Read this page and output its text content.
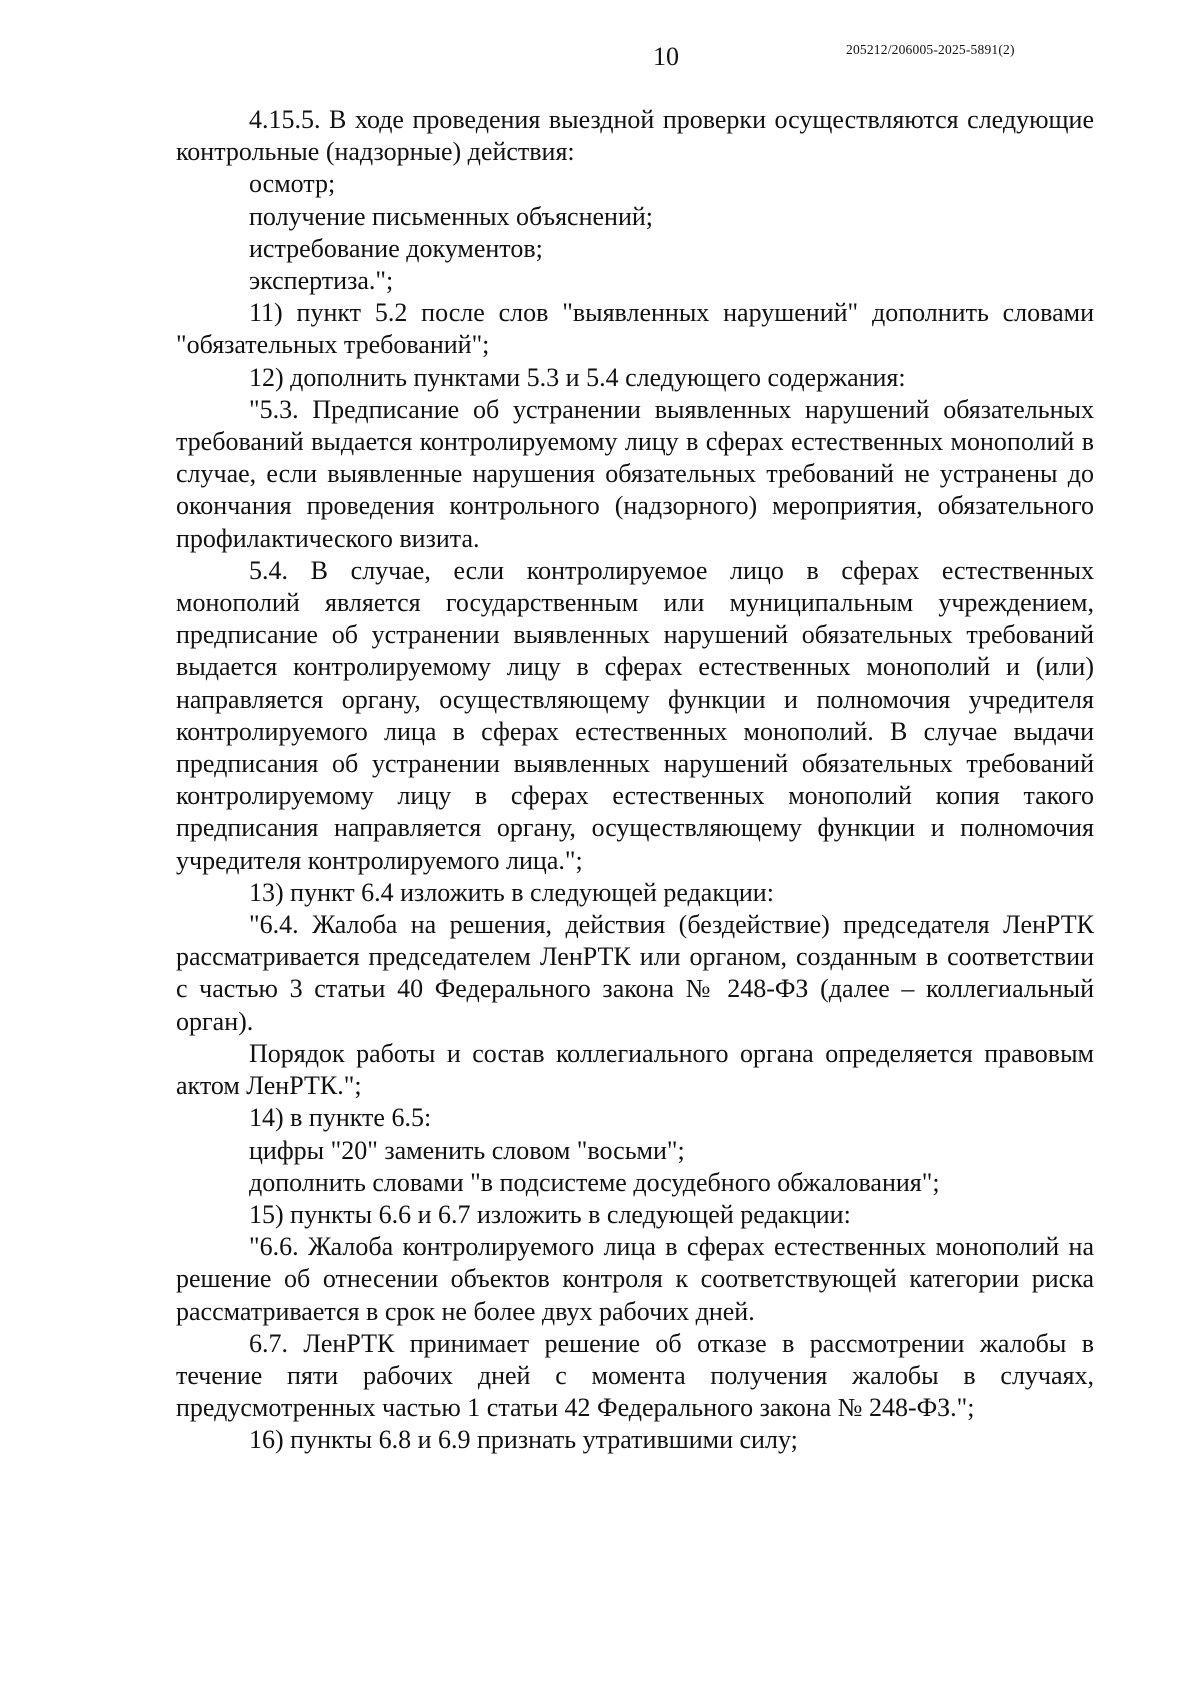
10	205212/206005-2025-5891(2)

4.15.5. В ходе проведения выездной проверки осуществляются следующие контрольные (надзорные) действия:

осмотр;

получение письменных объяснений;

истребование документов;

экспертиза.";

11) пункт 5.2 после слов "выявленных нарушений" дополнить словами "обязательных требований";

12) дополнить пунктами 5.3 и 5.4 следующего содержания:

"5.3. Предписание об устранении выявленных нарушений обязательных требований выдается контролируемому лицу в сферах естественных монополий в случае, если выявленные нарушения обязательных требований не устранены до окончания проведения контрольного (надзорного) мероприятия, обязательного профилактического визита.

5.4. В случае, если контролируемое лицо в сферах естественных монополий является государственным или муниципальным учреждением, предписание об устранении выявленных нарушений обязательных требований выдается контролируемому лицу в сферах естественных монополий и (или) направляется органу, осуществляющему функции и полномочия учредителя контролируемого лица в сферах естественных монополий. В случае выдачи предписания об устранении выявленных нарушений обязательных требований контролируемому лицу в сферах естественных монополий копия такого предписания направляется органу, осуществляющему функции и полномочия учредителя контролируемого лица.";

13) пункт 6.4 изложить в следующей редакции:

"6.4. Жалоба на решения, действия (бездействие) председателя ЛенРТК рассматривается председателем ЛенРТК или органом, созданным в соответствии с частью 3 статьи 40 Федерального закона № 248-ФЗ (далее – коллегиальный орган).

Порядок работы и состав коллегиального органа определяется правовым актом ЛенРТК.";

14) в пункте 6.5:

цифры "20" заменить словом "восьми";

дополнить словами "в подсистеме досудебного обжалования";

15) пункты 6.6 и 6.7 изложить в следующей редакции:

"6.6. Жалоба контролируемого лица в сферах естественных монополий на решение об отнесении объектов контроля к соответствующей категории риска рассматривается в срок не более двух рабочих дней.

6.7. ЛенРТК принимает решение об отказе в рассмотрении жалобы в течение пяти рабочих дней с момента получения жалобы в случаях, предусмотренных частью 1 статьи 42 Федерального закона № 248-ФЗ.";

16) пункты 6.8 и 6.9 признать утратившими силу;
